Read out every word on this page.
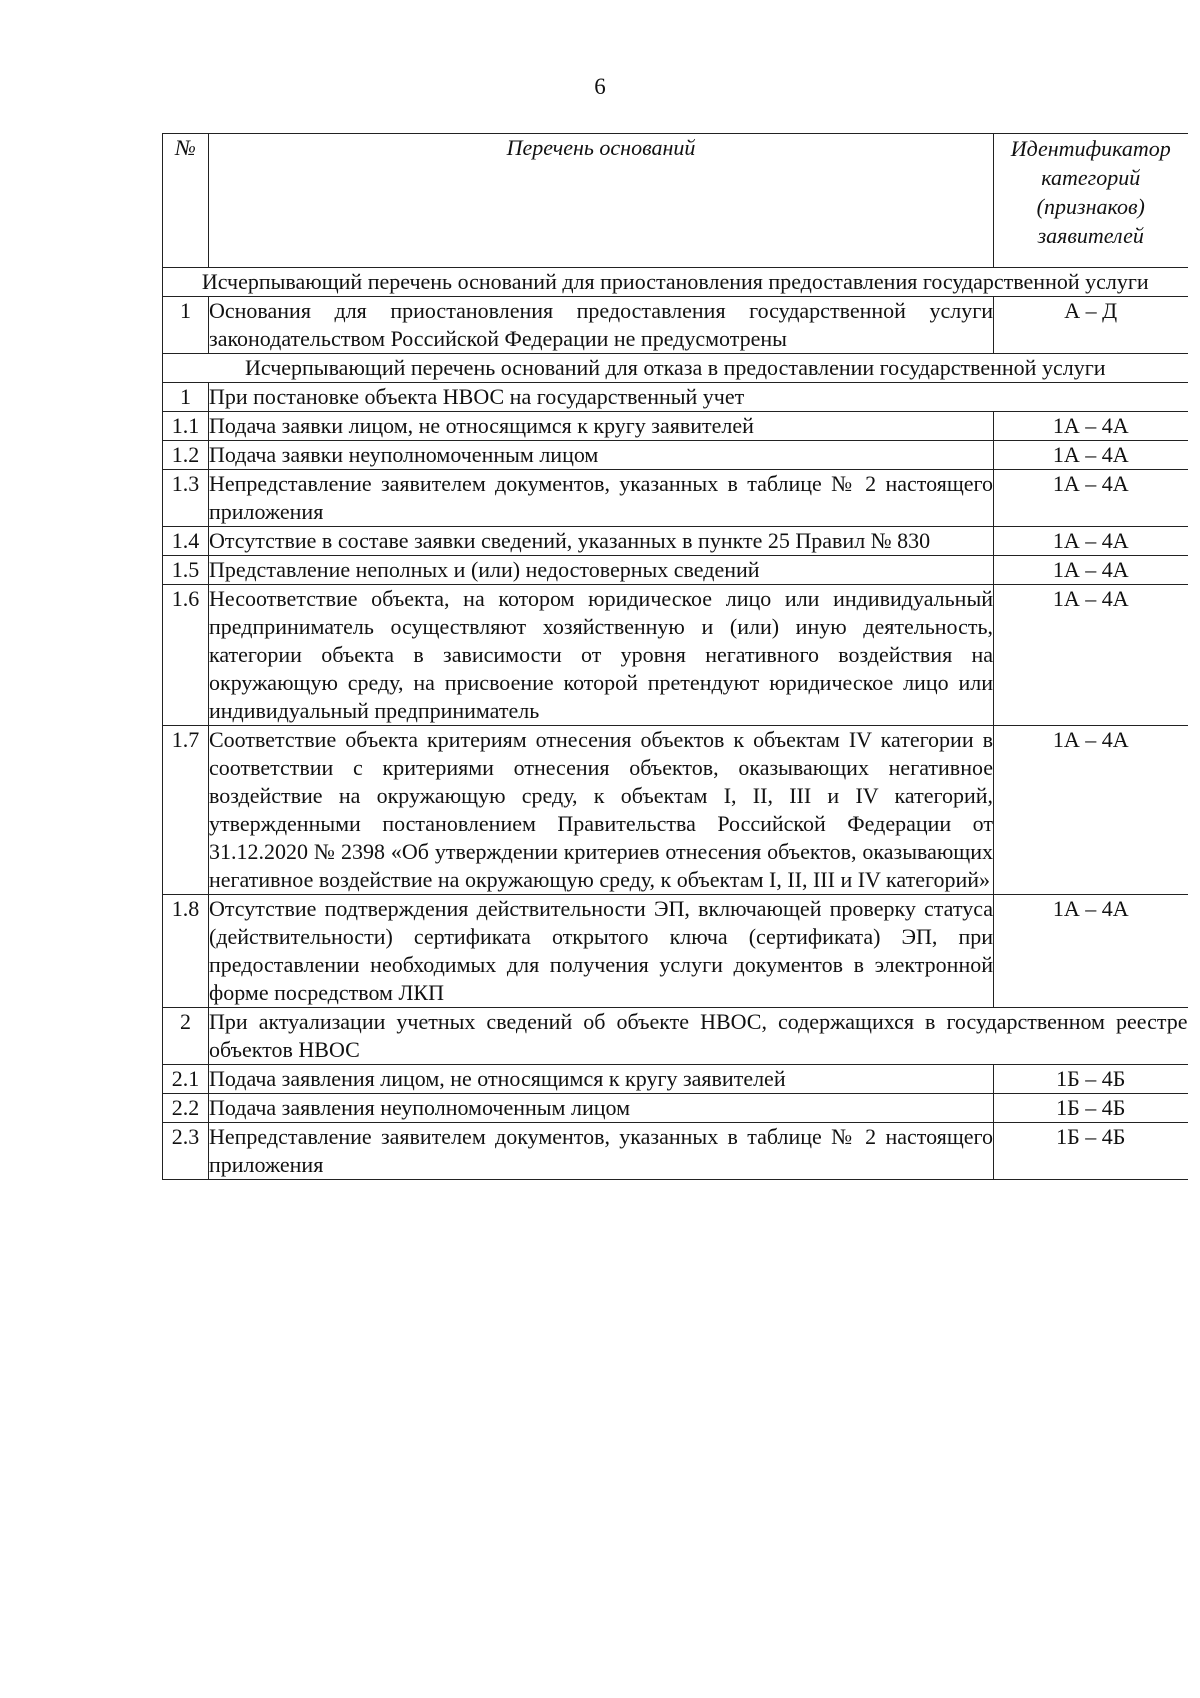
6
№	Перечень оснований	Идентификатор категорий (признаков) заявителей
Исчерпывающий перечень оснований для приостановления предоставления государственной услуги		
1	Основания для приостановления предоставления государственной услуги законодательством Российской Федерации не предусмотрены	А – Д
Исчерпывающий перечень оснований для отказа в предоставлении государственной услуги		
1	При постановке объекта НВОС на государственный учет	
1.1	Подача заявки лицом, не относящимся к кругу заявителей	1А – 4А
1.2	Подача заявки неуполномоченным лицом	1А – 4А
1.3	Непредставление заявителем документов, указанных в таблице № 2 настоящего приложения	1А – 4А
1.4	Отсутствие в составе заявки сведений, указанных в пункте 25 Правил № 830	1А – 4А
1.5	Представление неполных и (или) недостоверных сведений	1А – 4А
1.6	Несоответствие объекта, на котором юридическое лицо или индивидуальный предприниматель осуществляют хозяйственную и (или) иную деятельность, категории объекта в зависимости от уровня негативного воздействия на окружающую среду, на присвоение которой претендуют юридическое лицо или индивидуальный предприниматель	1А – 4А
1.7	Соответствие объекта критериям отнесения объектов к объектам IV категории в соответствии с критериями отнесения объектов, оказывающих негативное воздействие на окружающую среду, к объектам I, II, III и IV категорий, утвержденными постановлением Правительства Российской Федерации от 31.12.2020 № 2398 «Об утверждении критериев отнесения объектов, оказывающих негативное воздействие на окружающую среду, к объектам I, II, III и IV категорий»	1А – 4А
1.8	Отсутствие подтверждения действительности ЭП, включающей проверку статуса (действительности) сертификата открытого ключа (сертификата) ЭП, при предоставлении необходимых для получения услуги документов в электронной форме посредством ЛКП	1А – 4А
2	При актуализации учетных сведений об объекте НВОС, содержащихся в государственном реестре объектов НВОС	
2.1	Подача заявления лицом, не относящимся к кругу заявителей	1Б – 4Б
2.2	Подача заявления неуполномоченным лицом	1Б – 4Б
2.3	Непредставление заявителем документов, указанных в таблице № 2 настоящего приложения	1Б – 4Б
